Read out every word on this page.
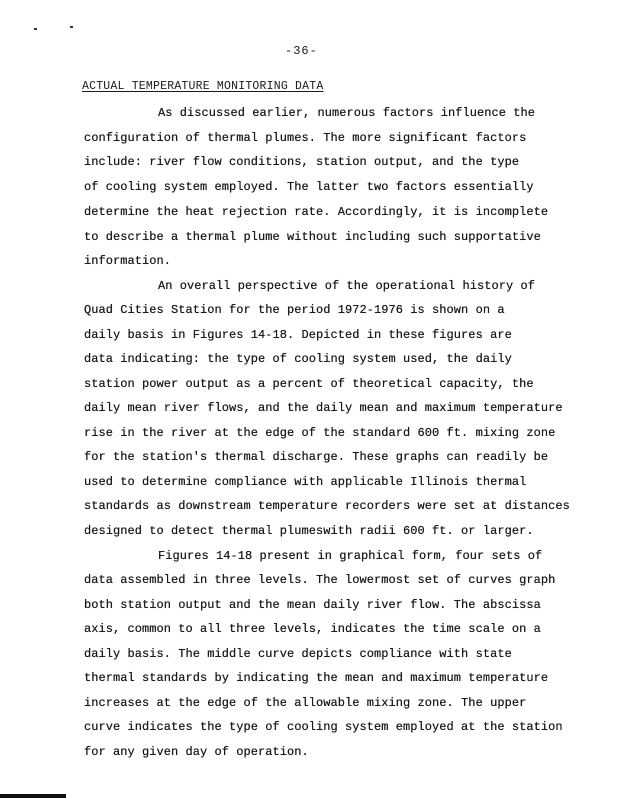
-36-
ACTUAL TEMPERATURE MONITORING DATA
As discussed earlier, numerous factors influence the
configuration of thermal plumes. The more significant factors
include: river flow conditions, station output, and the type
of cooling system employed. The latter two factors essentially
determine the heat rejection rate. Accordingly, it is incomplete
to describe a thermal plume without including such supportative
information.
An overall perspective of the operational history of
Quad Cities Station for the period 1972-1976 is shown on a
daily basis in Figures 14-18. Depicted in these figures are
data indicating: the type of cooling system used, the daily
station power output as a percent of theoretical capacity, the
daily mean river flows, and the daily mean and maximum temperature
rise in the river at the edge of the standard 600 ft. mixing zone
for the station's thermal discharge. These graphs can readily be
used to determine compliance with applicable Illinois thermal
standards as downstream temperature recorders were set at distances
designed to detect thermal plumeswith radii 600 ft. or larger.
Figures 14-18 present in graphical form, four sets of
data assembled in three levels. The lowermost set of curves graph
both station output and the mean daily river flow. The abscissa
axis, common to all three levels, indicates the time scale on a
daily basis. The middle curve depicts compliance with state
thermal standards by indicating the mean and maximum temperature
increases at the edge of the allowable mixing zone. The upper
curve indicates the type of cooling system employed at the station
for any given day of operation.
